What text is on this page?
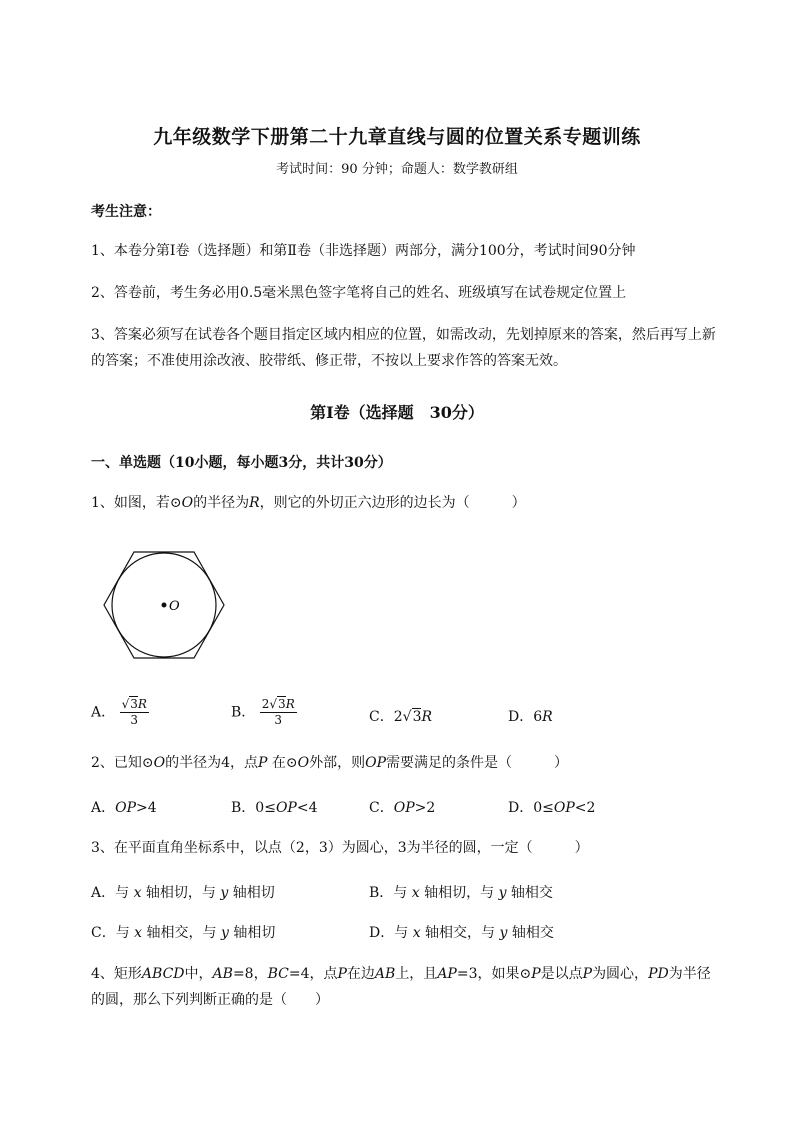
九年级数学下册第二十九章直线与圆的位置关系专题训练
考试时间：90 分钟；命题人：数学教研组
考生注意：
1、本卷分第Ⅰ卷（选择题）和第Ⅱ卷（非选择题）两部分，满分100分，考试时间90分钟
2、答卷前，考生务必用0.5毫米黑色签字笔将自己的姓名、班级填写在试卷规定位置上
3、答案必须写在试卷各个题目指定区域内相应的位置，如需改动，先划掉原来的答案，然后再写上新
的答案；不准使用涂改液、胶带纸、修正带，不按以上要求作答的答案无效。
第Ⅰ卷（选择题　30分）
一、单选题（10小题，每小题3分，共计30分）
1、如图，若⊙O的半径为R，则它的外切正六边形的边长为（　　　）
O
A． $\frac{√3R}{3}$	B． $\frac{2√3R}{3}$	C．2√3R	D．6R
2、已知⊙O的半径为4，点P 在⊙O外部，则OP需要满足的条件是（　　　）
A．OP>4	B．0≤OP<4	C．OP>2	D．0≤OP<2
3、在平面直角坐标系中，以点（2，3）为圆心，3为半径的圆，一定（　　　）
A．与 x 轴相切，与 y 轴相切	B．与 x 轴相切，与 y 轴相交
C．与 x 轴相交，与 y 轴相切	D．与 x 轴相交，与 y 轴相交
4、矩形ABCD中，AB=8，BC=4，点P在边AB上，且AP=3，如果⊙P是以点P为圆心，PD为半径
的圆，那么下列判断正确的是（　　）
